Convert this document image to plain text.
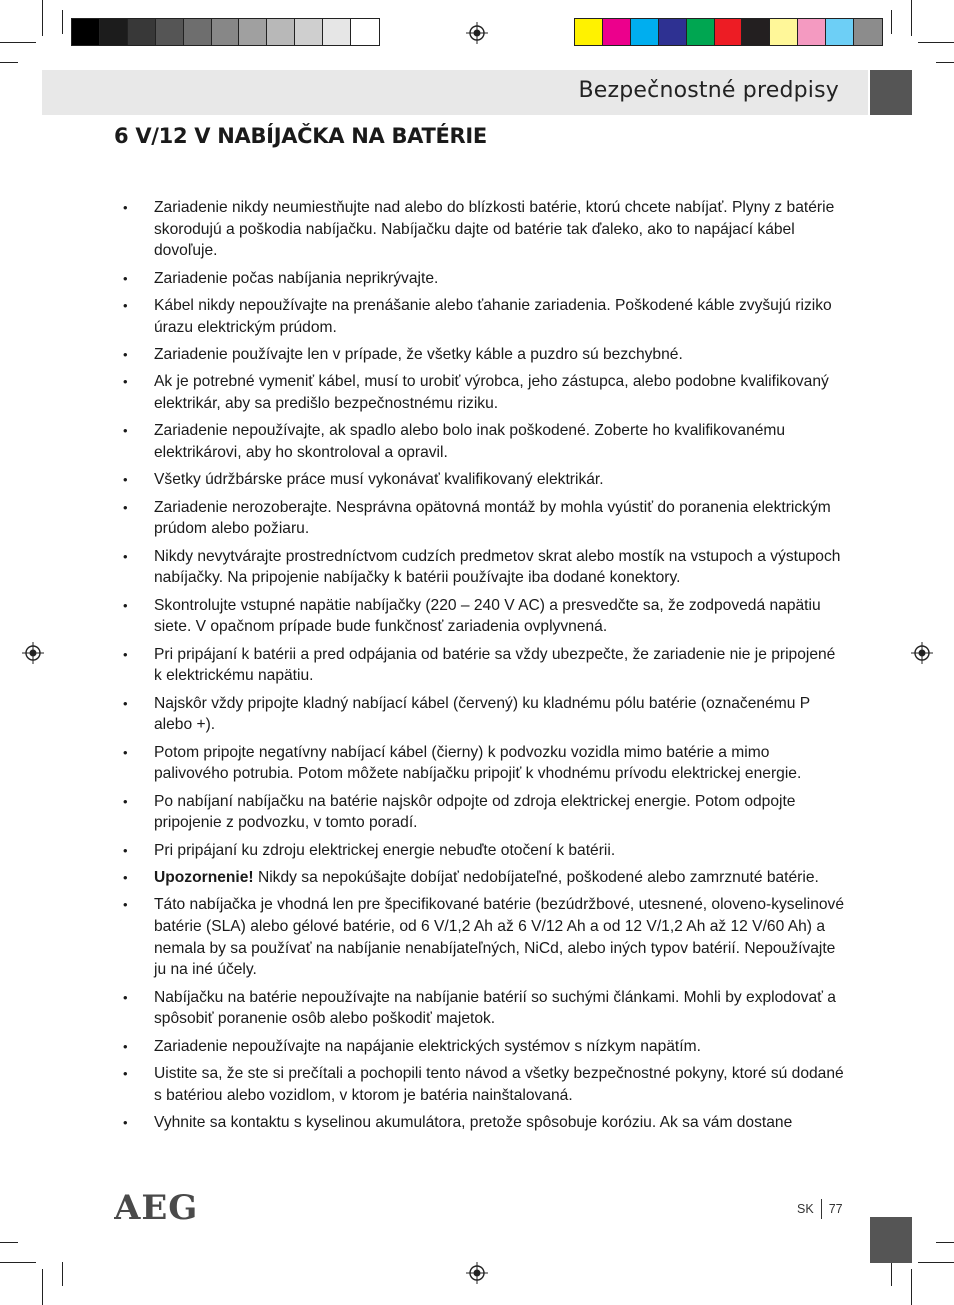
Bezpečnostné predpisy
6 V/12 V NABÍJAČKA NA BATÉRIE
• Zariadenie nikdy neumiestňujte nad alebo do blízkosti batérie, ktorú chcete nabíjať. Plyny z batérie skorodujú a poškodia nabíjačku. Nabíjačku dajte od batérie tak ďaleko, ako to napájací kábel dovoľuje.
• Zariadenie počas nabíjania neprikrývajte.
• Kábel nikdy nepoužívajte na prenášanie alebo ťahanie zariadenia. Poškodené káble zvyšujú riziko úrazu elektrickým prúdom.
• Zariadenie používajte len v prípade, že všetky káble a puzdro sú bezchybné.
• Ak je potrebné vymeniť kábel, musí to urobiť výrobca, jeho zástupca, alebo podobne kvalifikovaný elektrikár, aby sa predišlo bezpečnostnému riziku.
• Zariadenie nepoužívajte, ak spadlo alebo bolo inak poškodené. Zoberte ho kvalifikovanému elektrikárovi, aby ho skontroloval a opravil.
• Všetky údržbárske práce musí vykonávať kvalifikovaný elektrikár.
• Zariadenie nerozoberajte. Nesprávna opätovná montáž by mohla vyústiť do poranenia elektrickým prúdom alebo požiaru.
• Nikdy nevytvárajte prostredníctvom cudzích predmetov skrat alebo mostík na vstupoch a výstupoch nabíjačky. Na pripojenie nabíjačky k batérii používajte iba dodané konektory.
• Skontrolujte vstupné napätie nabíjačky (220 – 240 V AC) a presvedčte sa, že zodpovedá napätiu siete. V opačnom prípade bude funkčnosť zariadenia ovplyvnená.
• Pri pripájaní k batérii a pred odpájania od batérie sa vždy ubezpečte, že zariadenie nie je pripojené k elektrickému napätiu.
• Najskôr vždy pripojte kladný nabíjací kábel (červený) ku kladnému pólu batérie (označenému P alebo +).
• Potom pripojte negatívny nabíjací kábel (čierny) k podvozku vozidla mimo batérie a mimo palivového potrubia. Potom môžete nabíjačku pripojiť k vhodnému prívodu elektrickej energie.
• Po nabíjaní nabíjačku na batérie najskôr odpojte od zdroja elektrickej energie. Potom odpojte pripojenie z podvozku, v tomto poradí.
• Pri pripájaní ku zdroju elektrickej energie nebuďte otočení k batérii.
• Upozornenie! Nikdy sa nepokúšajte dobíjať nedobíjateľné, poškodené alebo zamrznuté batérie.
• Táto nabíjačka je vhodná len pre špecifikované batérie (bezúdržbové, utesnené, oloveno-kyselinové batérie (SLA) alebo gélové batérie, od 6 V/1,2 Ah až 6 V/12 Ah a od 12 V/1,2 Ah až 12 V/60 Ah) a nemala by sa používať na nabíjanie nenabíjateľných, NiCd, alebo iných typov batérií. Nepoužívajte ju na iné účely.
• Nabíjačku na batérie nepoužívajte na nabíjanie batérií so suchými článkami. Mohli by explodovať a spôsobiť poranenie osôb alebo poškodiť majetok.
• Zariadenie nepoužívajte na napájanie elektrických systémov s nízkym napätím.
• Uistite sa, že ste si prečítali a pochopili tento návod a všetky bezpečnostné pokyny, ktoré sú dodané s batériou alebo vozidlom, v ktorom je batéria nainštalovaná.
• Vyhnite sa kontaktu s kyselinou akumulátora, pretože spôsobuje koróziu. Ak sa vám dostane
AEG	SK 77
